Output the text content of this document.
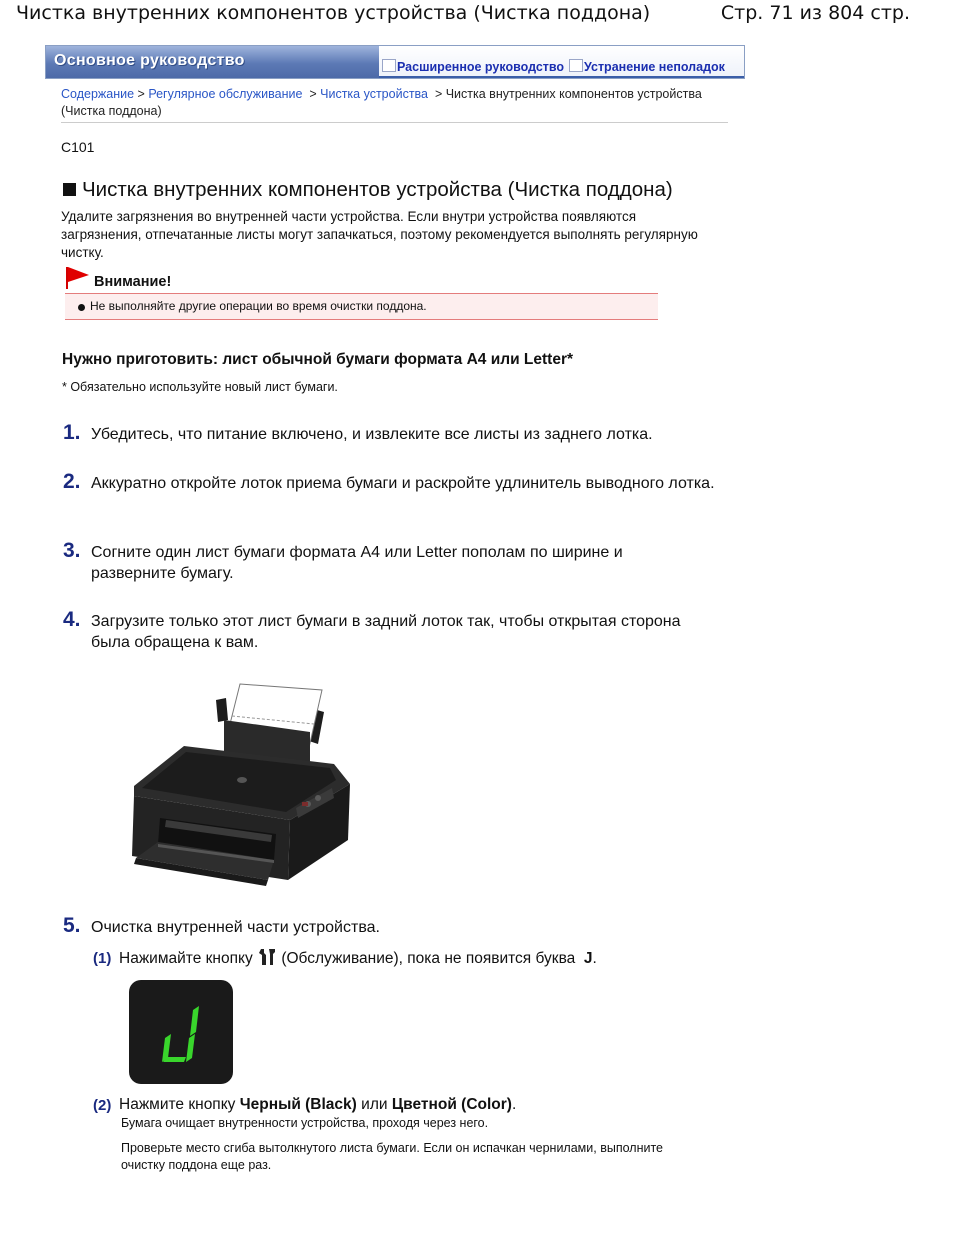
Чистка внутренних компонентов устройства (Чистка поддона)	Стр. 71 из 804 стр.
Основное руководство	Расширенное руководство	Устранение неполадок
Содержание > Регулярное обслуживание  > Чистка устройства  > Чистка внутренних компонентов устройства (Чистка поддона)
C101
Чистка внутренних компонентов устройства (Чистка поддона)
Удалите загрязнения во внутренней части устройства. Если внутри устройства появляются загрязнения, отпечатанные листы могут запачкаться, поэтому рекомендуется выполнять регулярную чистку.
Внимание!
Не выполняйте другие операции во время очистки поддона.
Нужно приготовить: лист обычной бумаги формата A4 или Letter*
* Обязательно используйте новый лист бумаги.
1. Убедитесь, что питание включено, и извлеките все листы из заднего лотка.
2. Аккуратно откройте лоток приема бумаги и раскройте удлинитель выводного лотка.
3. Согните один лист бумаги формата A4 или Letter пополам по ширине и разверните бумагу.
4. Загрузите только этот лист бумаги в задний лоток так, чтобы открытая сторона была обращена к вам.
5. Очистка внутренней части устройства.
(1) Нажимайте кнопку (Обслуживание), пока не появится буква J.
(2) Нажмите кнопку Черный (Black) или Цветной (Color).
Бумага очищает внутренности устройства, проходя через него.
Проверьте место сгиба вытолкнутого листа бумаги. Если он испачкан чернилами, выполните очистку поддона еще раз.
